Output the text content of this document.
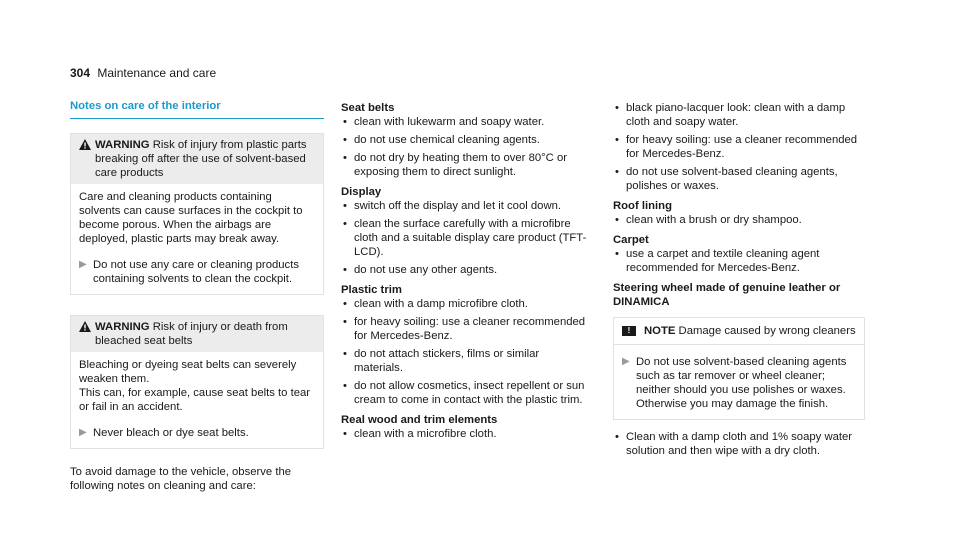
304 Maintenance and care
Notes on care of the interior
WARNING Risk of injury from plastic parts breaking off after the use of solvent-based care products

Care and cleaning products containing solvents can cause surfaces in the cockpit to become porous. When the airbags are deployed, plastic parts may break away.

▶ Do not use any care or cleaning products containing solvents to clean the cockpit.
WARNING Risk of injury or death from bleached seat belts

Bleaching or dyeing seat belts can severely weaken them.

This can, for example, cause seat belts to tear or fail in an accident.

▶ Never bleach or dye seat belts.

To avoid damage to the vehicle, observe the following notes on cleaning and care:

Seat belts
• clean with lukewarm and soapy water.
• do not use chemical cleaning agents.
• do not dry by heating them to over 80°C or exposing them to direct sunlight.
Display
• switch off the display and let it cool down.
• clean the surface carefully with a microfibre cloth and a suitable display care product (TFT-LCD).
• do not use any other agents.
Plastic trim
• clean with a damp microfibre cloth.
• for heavy soiling: use a cleaner recommended for Mercedes-Benz.
• do not attach stickers, films or similar materials.
• do not allow cosmetics, insect repellent or sun cream to come in contact with the plastic trim.
Real wood and trim elements
• clean with a microfibre cloth.
• black piano-lacquer look: clean with a damp cloth and soapy water.
• for heavy soiling: use a cleaner recommended for Mercedes-Benz.
• do not use solvent-based cleaning agents, polishes or waxes.
Roof lining
• clean with a brush or dry shampoo.
Carpet
• use a carpet and textile cleaning agent recommended for Mercedes-Benz.
Steering wheel made of genuine leather or DINAMICA
!	NOTE Damage caused by wrong cleaners
▶ Do not use solvent-based cleaning agents such as tar remover or wheel cleaner; neither should you use polishes or waxes. Otherwise you may damage the finish.
• Clean with a damp cloth and 1% soapy water solution and then wipe with a dry cloth.
